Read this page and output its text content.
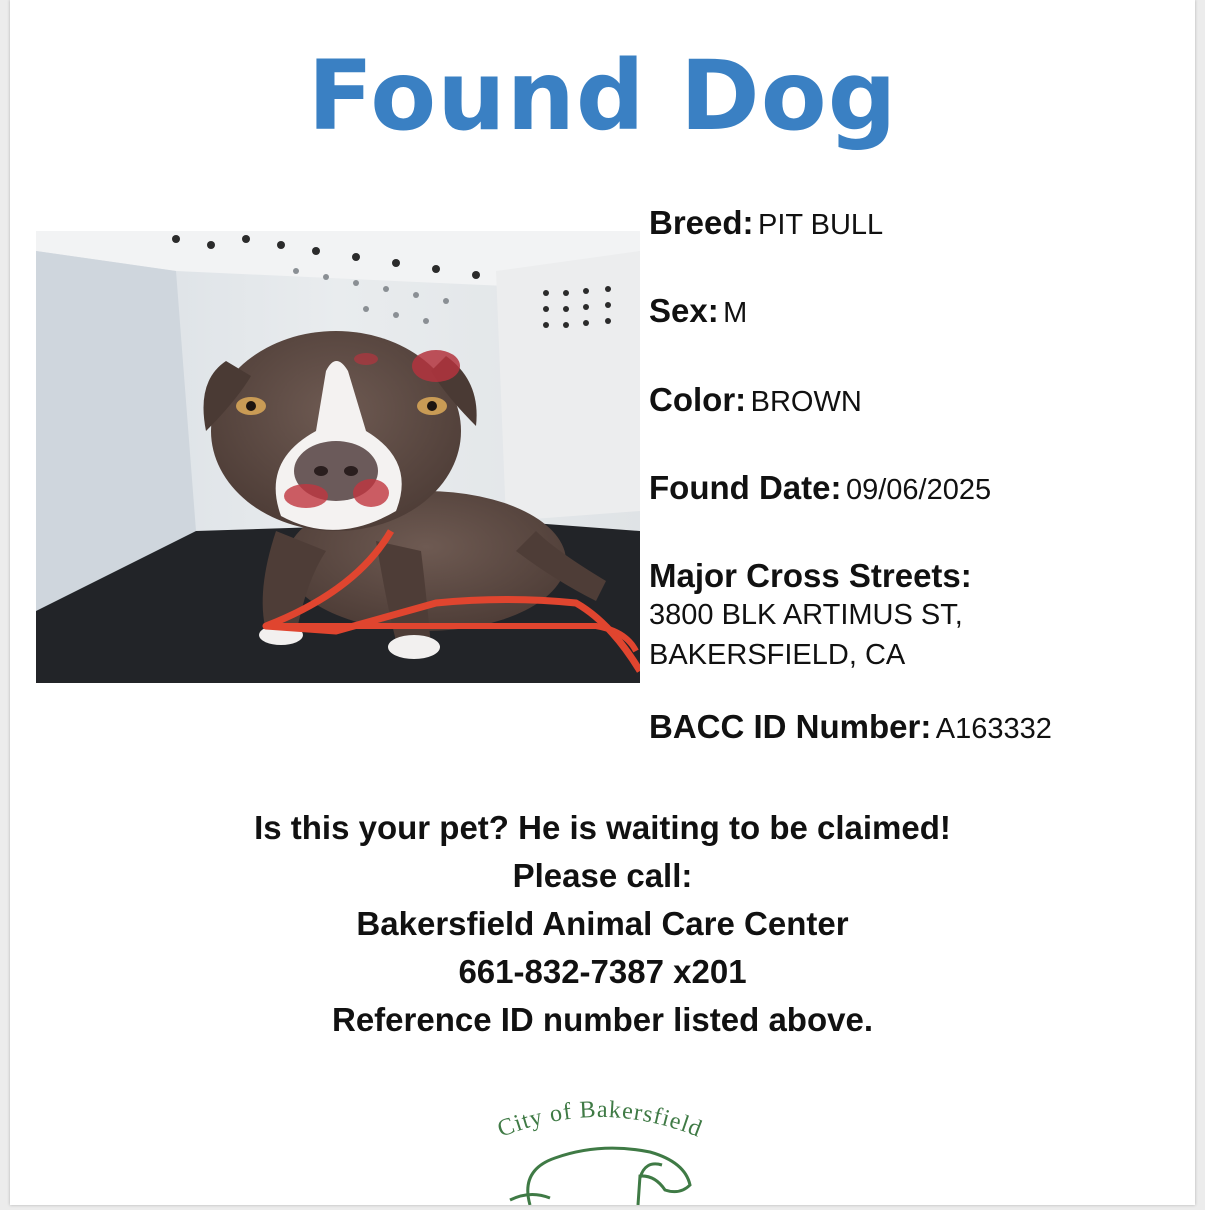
Found Dog
Breed: PIT BULL
Sex: M
Color: BROWN
Found Date: 09/06/2025
Major Cross Streets:
3800 BLK ARTIMUS ST,
BAKERSFIELD, CA
BACC ID Number: A163332
Is this your pet? He is waiting to be claimed!
Please call:
Bakersfield Animal Care Center
661-832-7387 x201
Reference ID number listed above.
City of Bakersfield
